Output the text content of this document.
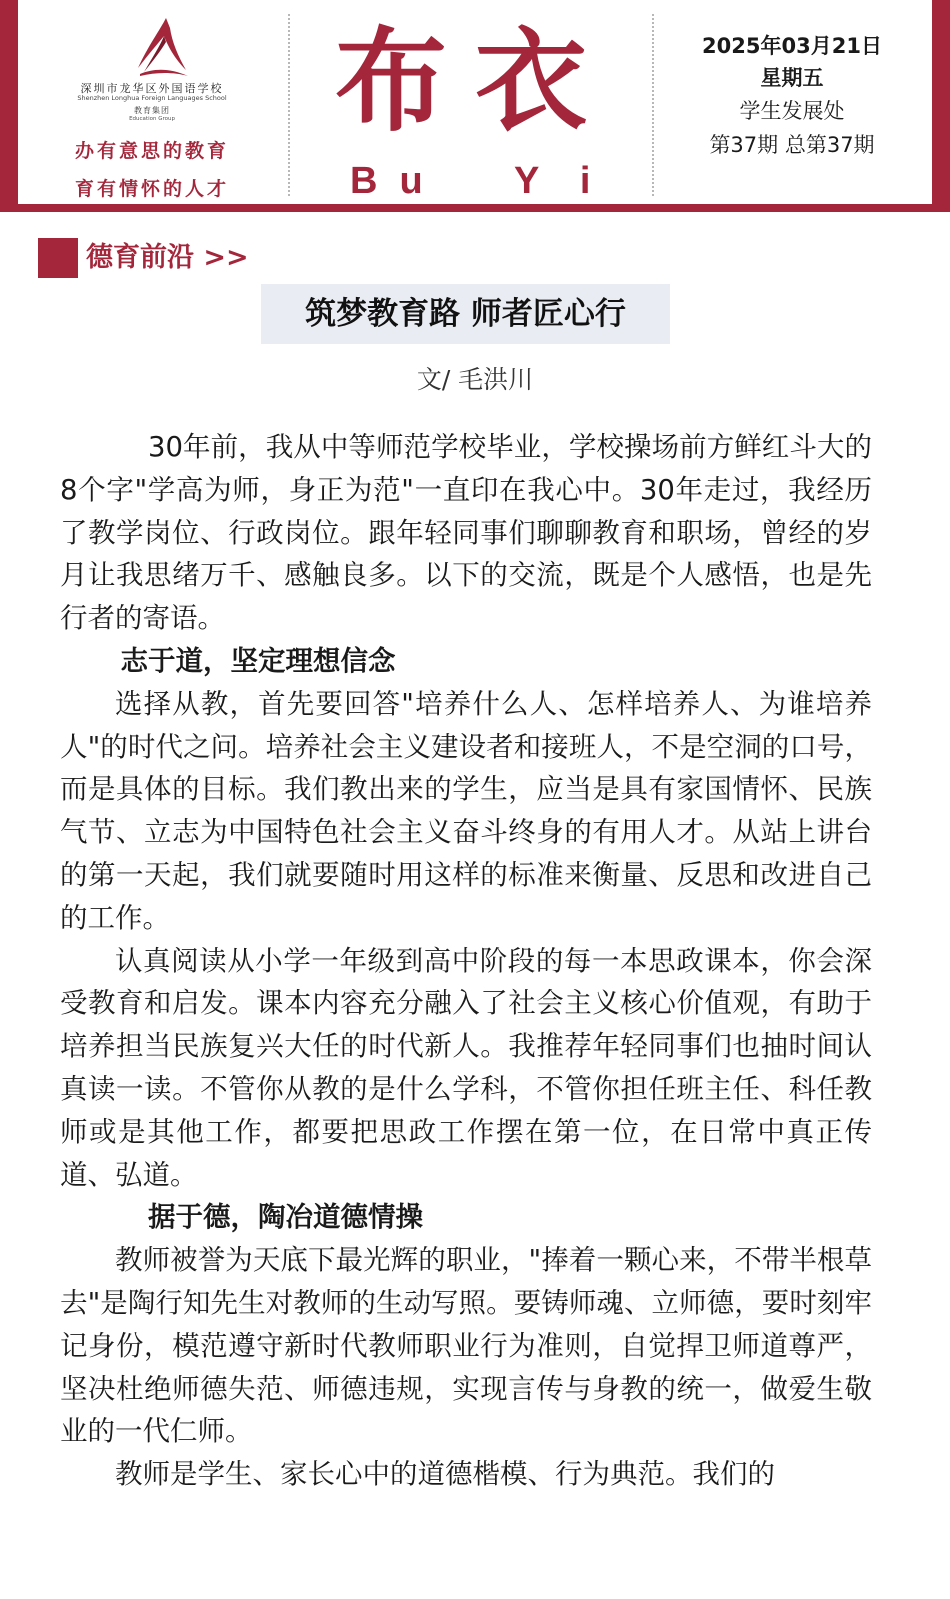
深圳市龙华区外国语学校
Shenzhen Longhua Foreign Languages School
教育集团
Education Group
办有意思的教育
育有情怀的人才
布衣
Bu Yi
2025年03月21日
星期五
学生发展处
第37期 总第37期
德育前沿 >>
筑梦教育路 师者匠心行
文/ 毛洪川

30年前，我从中等师范学校毕业，学校操场前方鲜红斗大的8个字"学高为师，身正为范"一直印在我心中。30年走过，我经历了教学岗位、行政岗位。跟年轻同事们聊聊教育和职场，曾经的岁月让我思绪万千、感触良多。以下的交流，既是个人感悟，也是先行者的寄语。

志于道，坚定理想信念

选择从教，首先要回答"培养什么人、怎样培养人、为谁培养人"的时代之问。培养社会主义建设者和接班人，不是空洞的口号，而是具体的目标。我们教出来的学生，应当是具有家国情怀、民族气节、立志为中国特色社会主义奋斗终身的有用人才。从站上讲台的第一天起，我们就要随时用这样的标准来衡量、反思和改进自己的工作。

认真阅读从小学一年级到高中阶段的每一本思政课本，你会深受教育和启发。课本内容充分融入了社会主义核心价值观，有助于培养担当民族复兴大任的时代新人。我推荐年轻同事们也抽时间认真读一读。不管你从教的是什么学科，不管你担任班主任、科任教师或是其他工作，都要把思政工作摆在第一位，在日常中真正传道、弘道。

据于德，陶冶道德情操

教师被誉为天底下最光辉的职业，"捧着一颗心来，不带半根草去"是陶行知先生对教师的生动写照。要铸师魂、立师德，要时刻牢记身份，模范遵守新时代教师职业行为准则，自觉捍卫师道尊严，坚决杜绝师德失范、师德违规，实现言传与身教的统一，做爱生敬业的一代仁师。

教师是学生、家长心中的道德楷模、行为典范。我们的
